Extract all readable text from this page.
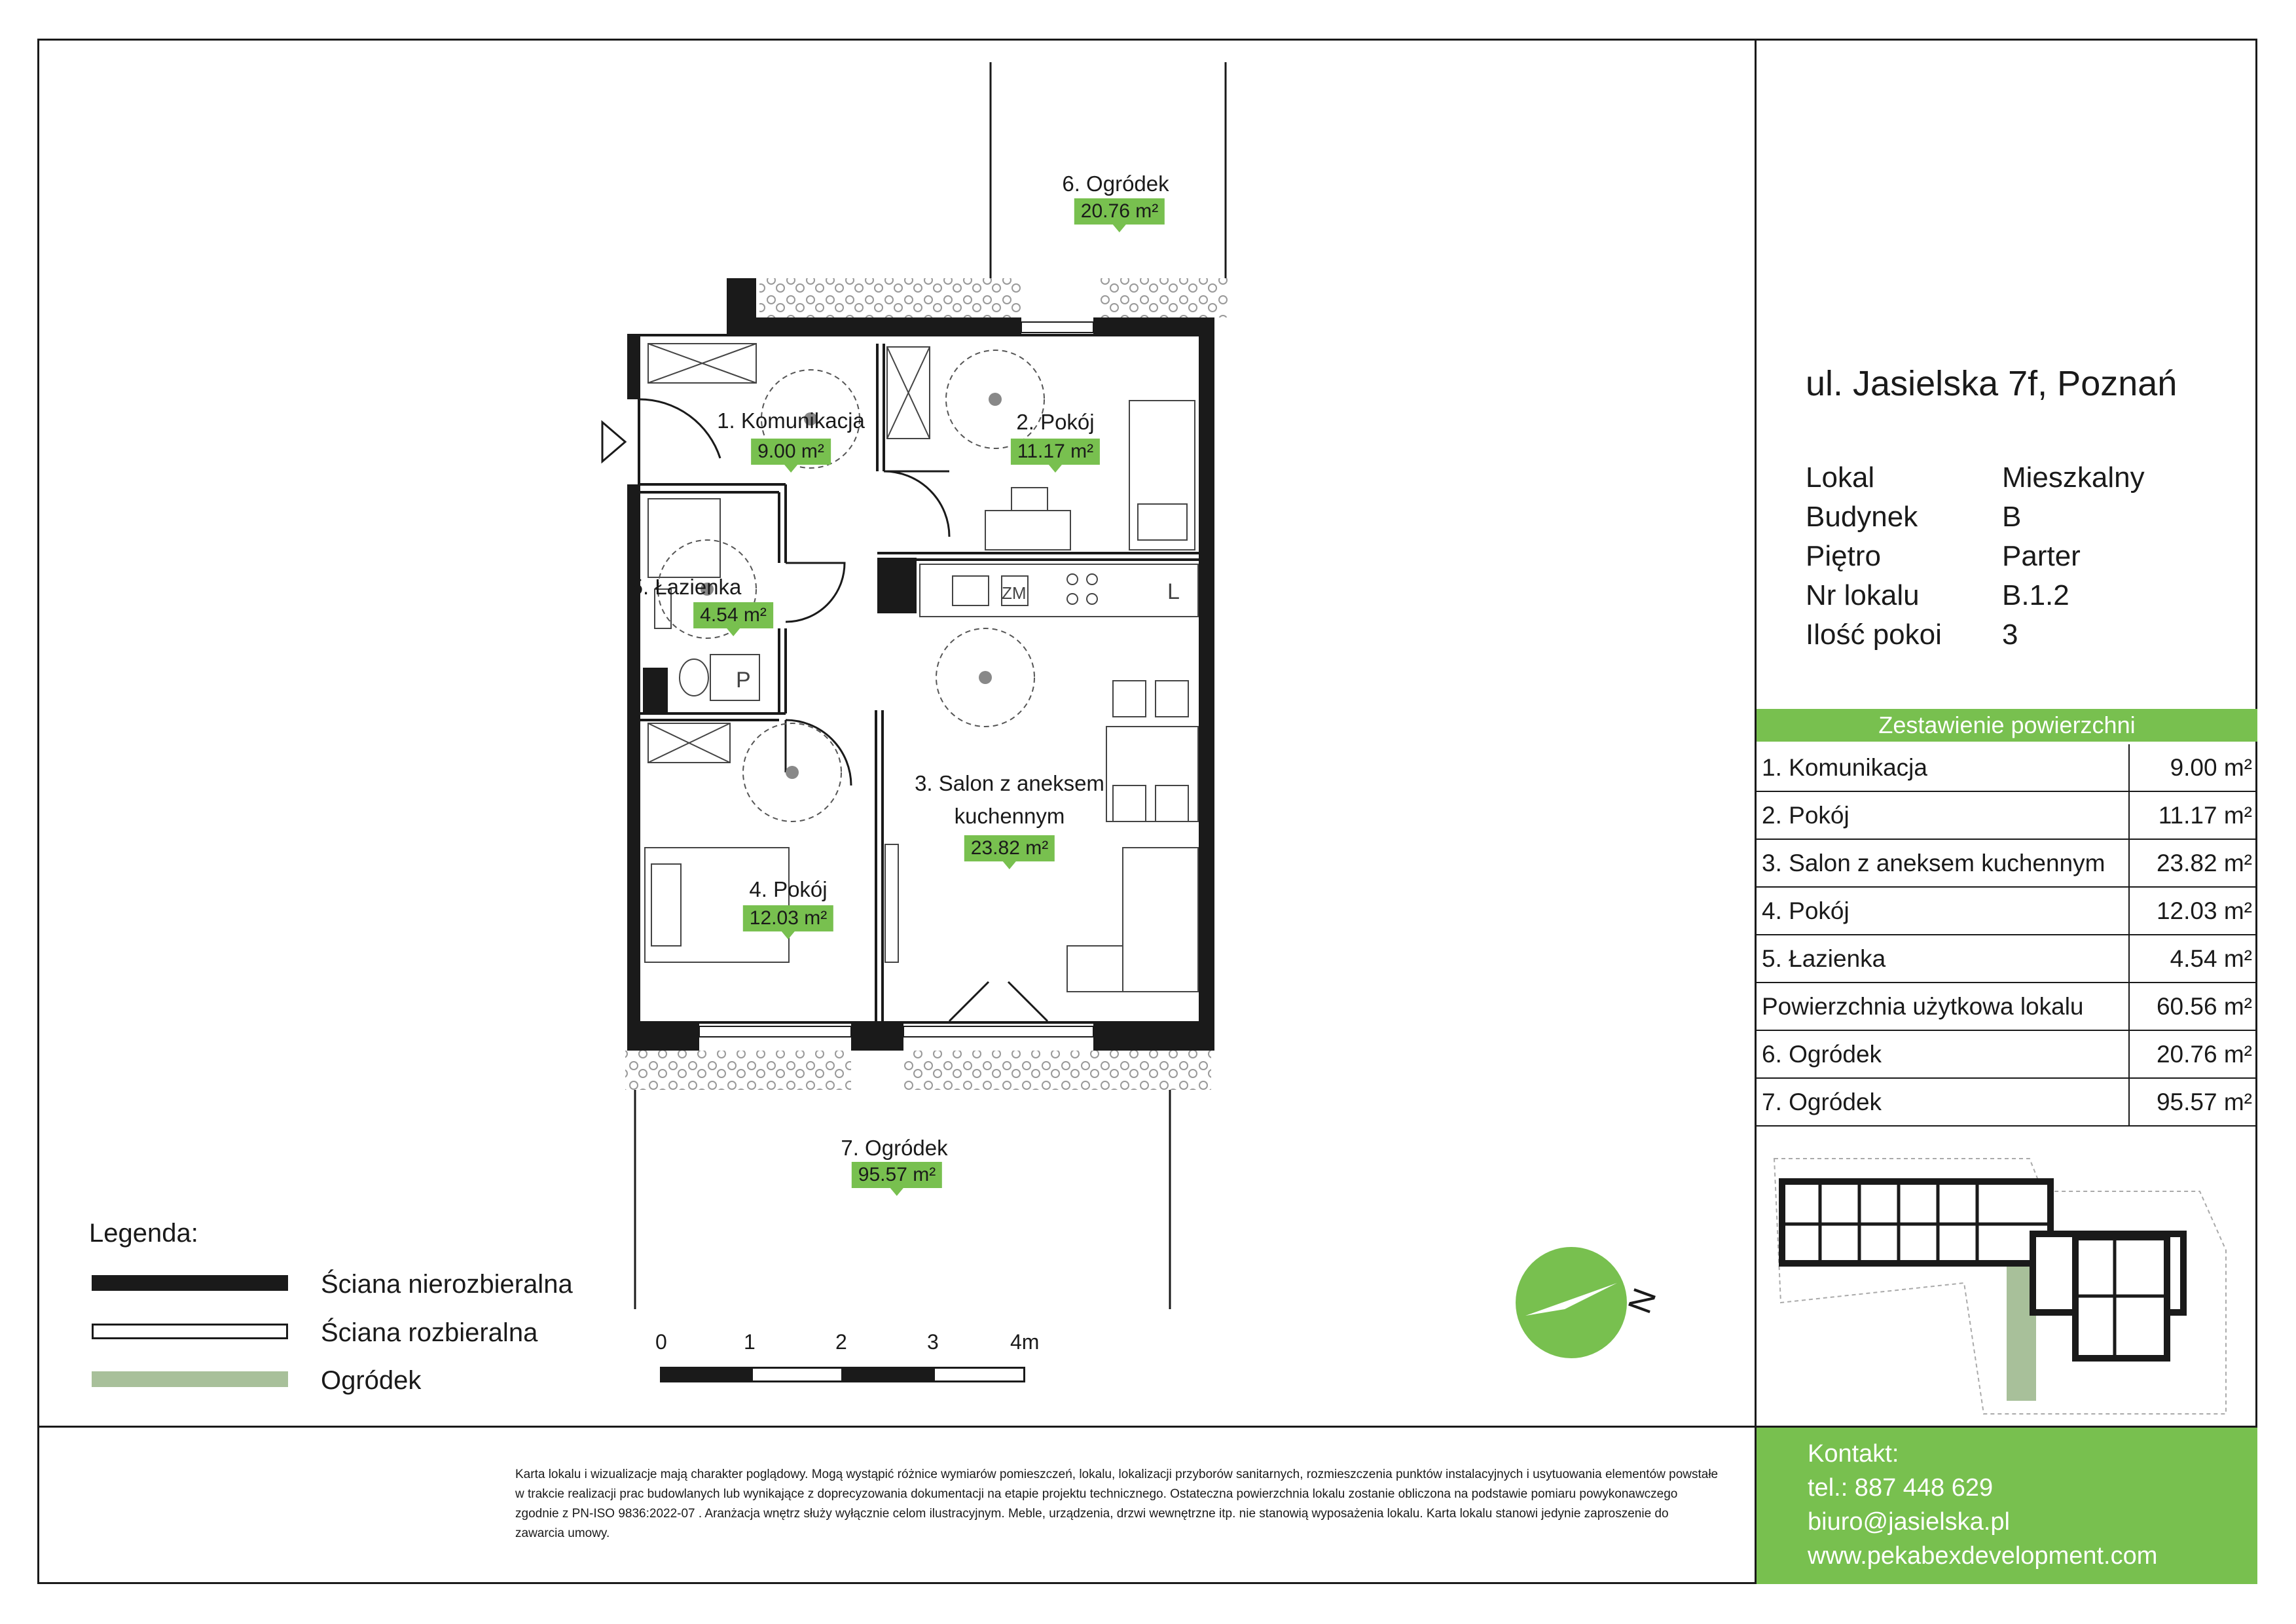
ZM	L
P
N
1. Komunikacja
9.00 m²
2. Pokój
11.17 m²
5. Łazienka
4.54 m²
3. Salon z aneksem
kuchennym
23.82 m²
4. Pokój
12.03 m²
6. Ogródek
20.76 m²
7. Ogródek
95.57 m²
Legenda:
Ściana nierozbieralna
Ściana rozbieralna
Ogródek
0	1	2	3	4m
Karta lokalu i wizualizacje mają charakter poglądowy. Mogą wystąpić różnice wymiarów pomieszczeń, lokalu, lokalizacji przyborów sanitarnych, rozmieszczenia punktów instalacyjnych i usytuowania elementów powstałe w trakcie realizacji prac budowlanych lub wynikające z doprecyzowania dokumentacji na etapie projektu technicznego. Ostateczna powierzchnia lokalu zostanie obliczona na podstawie pomiaru powykonawczego zgodnie z PN-ISO 9836:2022-07 . Aranżacja wnętrz służy wyłącznie celom ilustracyjnym. Meble, urządzenia, drzwi wewnętrzne itp. nie stanowią wyposażenia lokalu. Karta lokalu stanowi jedynie zaproszenie do zawarcia umowy.
ul. Jasielska 7f, Poznań
Lokal	Mieszkalny
Budynek	B
Piętro	Parter
Nr lokalu	B.1.2
Ilość pokoi	3
Zestawienie powierzchni
1. Komunikacja	9.00 m²
2. Pokój	11.17 m²
3. Salon z aneksem kuchennym	23.82 m²
4. Pokój	12.03 m²
5. Łazienka	4.54 m²
Powierzchnia użytkowa lokalu	60.56 m²
6. Ogródek	20.76 m²
7. Ogródek	95.57 m²
Kontakt:
tel.: 887 448 629
biuro@jasielska.pl
www.pekabexdevelopment.com
